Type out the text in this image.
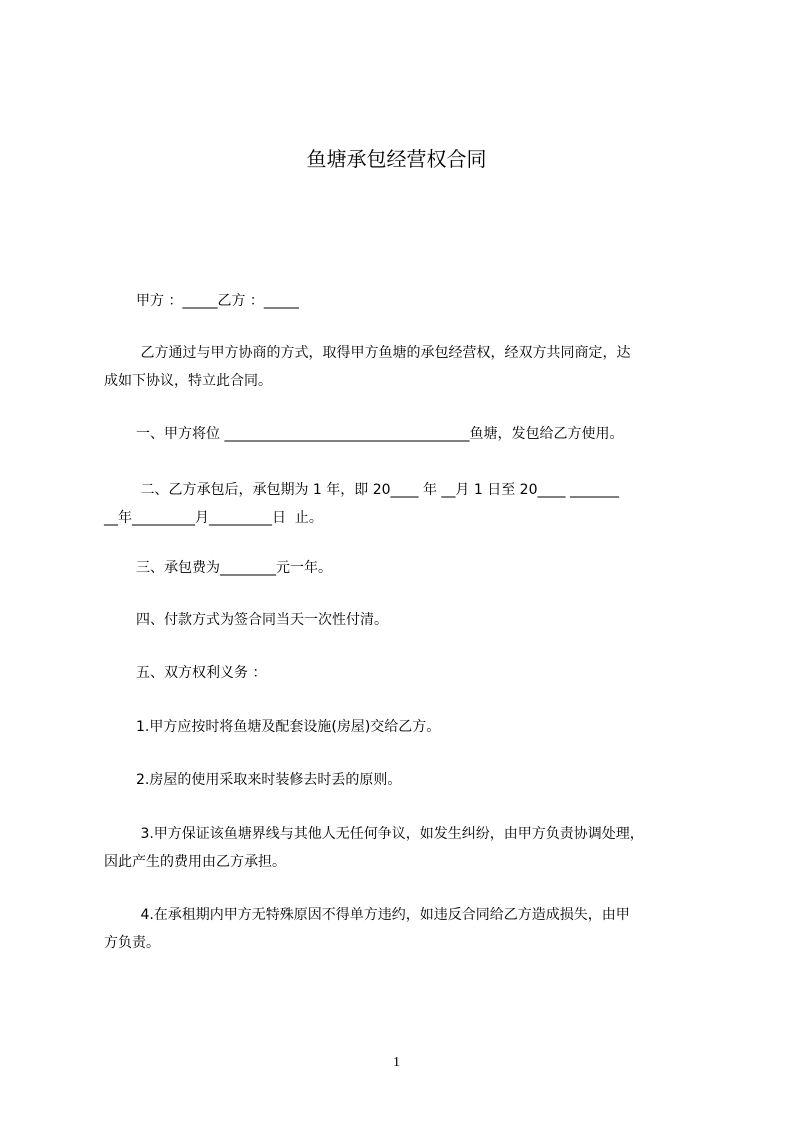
鱼塘承包经营权合同
甲方 ：_____乙方 ：_____
乙方通过与甲方协商的方式，取得甲方鱼塘的承包经营权，经双方共同商定，达
成如下协议，特立此合同。
一、甲方将位 ___________________________________鱼塘，发包给乙方使用。
二、乙方承包后，承包期为 1 年，即 20____ 年 __月 1 日至 20____ _______
__年_________月_________日  止。
三、承包费为________元一年。
四、付款方式为签合同当天一次性付清。
五、双方权利义务 ：
1.甲方应按时将鱼塘及配套设施(房屋)交给乙方。
2.房屋的使用采取来时装修去时丢的原则。
3.甲方保证该鱼塘界线与其他人无任何争议，如发生纠纷，由甲方负责协调处理，
因此产生的费用由乙方承担。
4.在承租期内甲方无特殊原因不得单方违约，如违反合同给乙方造成损失，由甲
方负责。
1
